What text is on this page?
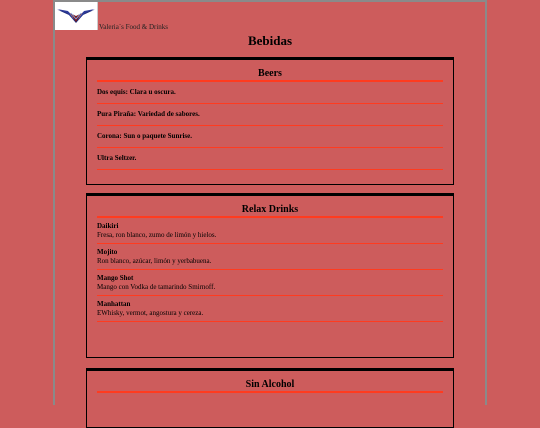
Valeria´s Food & Drinks
Bebidas
Beers
Dos equis: Clara u oscura.
Pura Piraña: Variedad de sabores.
Corona: Sun o paquete Sunrise.
Ultra Seltzer.
Relax Drinks
Daikiri
Fresa, ron blanco, zumo de limón y hielos.
Mojito
Ron blanco, azúcar, limón y yerbabuena.
Mango Shot
Mango con Vodka de tamarindo Smirnoff.
Manhattan
EWhisky, vermot, angostura y cereza.
Sin Alcohol
